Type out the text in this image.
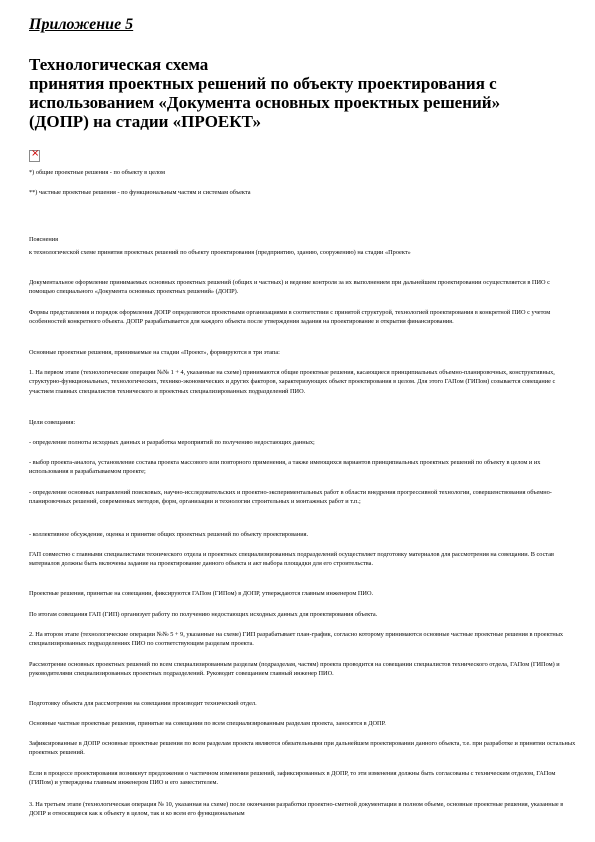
Приложение 5
Технологическая схема
принятия проектных решений по объекту проектирования с
использованием «Документа основных проектных решений»
(ДОПР) на стадии «ПРОЕКТ»
×

*) общие проектные решения - по объекту в целом

**) частные проектные решения - по функциональным частям и системам объекта

Пояснения

к технологической схеме принятия проектных решений по объекту проектирования (предприятию, зданию, сооружению) на стадии «Проект»

Документальное оформление принимаемых основных проектных решений (общих и частных) и ведение контроля за их выполнением при дальнейшем проектировании осуществляется в ПИО с помощью специального «Документа основных проектных решений» (ДОПР).

Формы представления и порядок оформления ДОПР определяются проектными организациями в соответствии с принятой структурой, технологией проектирования в конкретной ПИО с учетом особенностей конкретного объекта. ДОПР разрабатывается для каждого объекта после утверждения задания на проектирование и открытия финансирования.

Основные проектные решения, принимаемые на стадии «Проект», формируются в три этапа:

1. На первом этапе (технологические операции №№ 1 + 4, указанные на схеме) принимаются общие проектные решения, касающиеся принципиальных объемно-планировочных, конструктивных, структурно-функциональных, технологических, технико-экономических и других факторов, характеризующих объект проектирования в целом. Для этого ГАПом (ГИПом) созывается совещание с участием главных специалистов технического и проектных специализированных подразделений ПИО.

Цели совещания:

- определение полноты исходных данных и разработка мероприятий по получению недостающих данных;

- выбор проекта-аналога, установление состава проекта массового или повторного применения, а также имеющихся вариантов принципиальных проектных решений по объекту в целом и их использования в разрабатываемом проекте;

- определение основных направлений поисковых, научно-исследовательских и проектно-экспериментальных работ в области внедрения прогрессивной технологии, совершенствования объемно-планировочных решений, современных методов, форм, организации и технологии строительных и монтажных работ и т.п.;

- коллективное обсуждение, оценка и принятие общих проектных решений по объекту проектирования.

ГАП совместно с главными специалистами технического отдела и проектных специализированных подразделений осуществляет подготовку материалов для рассмотрения на совещании. В состав материалов должны быть включены задание на проектирование данного объекта и акт выбора площадки для его строительства.

Проектные решения, принятые на совещании, фиксируются ГАПом (ГИПом) в ДОПР, утверждаются главным инженером ПИО.

По итогам совещания ГАП (ГИП) организует работу по получению недостающих исходных данных для проектирования объекта.

2. На втором этапе (технологические операции №№ 5 + 9, указанные на схеме) ГИП разрабатывает план-график, согласно которому принимаются основные частные проектные решения в проектных специализированных подразделениях ПИО по соответствующим разделам проекта.

Рассмотрение основных проектных решений по всем специализированным разделам (подразделам, частям) проекта проводится на совещании специалистов технического отдела, ГАПом (ГИПом) и руководителями специализированных проектных подразделений. Руководит совещанием главный инженер ПИО.

Подготовку объекта для рассмотрения на совещании производит технический отдел.

Основные частные проектные решения, принятые на совещании по всем специализированным разделам проекта, заносятся в ДОПР.

Зафиксированные в ДОПР основные проектные решения по всем разделам проекта являются обязательными при дальнейшем проектировании данного объекта, т.е. при разработке и принятии остальных проектных решений.

Если в процессе проектирования возникнут предложения о частичном изменении решений, зафиксированных в ДОПР, то эти изменения должны быть согласованы с техническим отделом, ГАПом (ГИПом) и утверждены главным инженером ПИО и его заместителем.

3. На третьем этапе (технологическая операция № 10, указанная на схеме) после окончания разработки проектно-сметной документации в полном объеме, основные проектные решения, указанные в ДОПР и относящиеся как к объекту в целом, так и ко всем его функциональным
